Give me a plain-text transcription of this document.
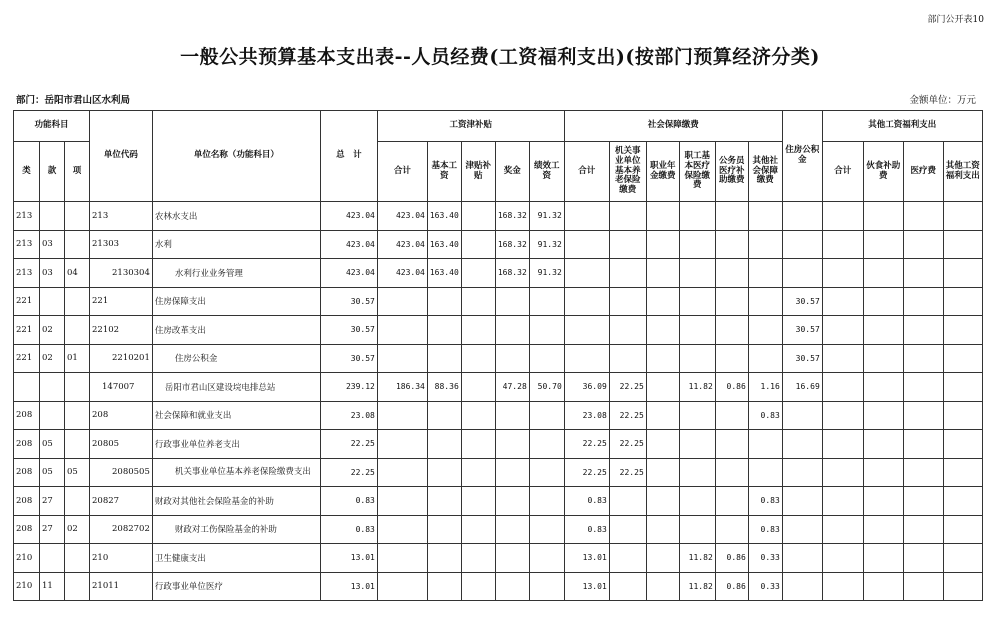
部门公开表10
一般公共预算基本支出表--人员经费(工资福利支出)(按部门预算经济分类)
部门：岳阳市君山区水利局	金额单位：万元
功能科目			单位代码	单位名称（功能科目）	总　计	工资津补贴					社会保障缴费						住房公积金	其他工资福利支出			
类	款	项				合计	基本工资	津贴补贴	奖金	绩效工资	合计	机关事业单位基本养老保险缴费	职业年金缴费	职工基本医疗保险缴费	公务员医疗补助缴费	其他社会保障缴费		合计	伙食补助费	医疗费	其他工资福利支出
213			213	农林水支出	423.04	423.04	163.40		168.32	91.32											
213	03		21303	水利	423.04	423.04	163.40		168.32	91.32											
213	03	04	2130304	水利行业业务管理	423.04	423.04	163.40		168.32	91.32											
221			221	住房保障支出	30.57												30.57				
221	02		22102	住房改革支出	30.57												30.57				
221	02	01	2210201	住房公积金	30.57												30.57				
			147007	岳阳市君山区建设垸电排总站	239.12	186.34	88.36		47.28	50.70	36.09	22.25		11.82	0.86	1.16	16.69				
208			208	社会保障和就业支出	23.08						23.08	22.25				0.83					
208	05		20805	行政事业单位养老支出	22.25						22.25	22.25									
208	05	05	2080505	机关事业单位基本养老保险缴费支出	22.25						22.25	22.25									
208	27		20827	财政对其他社会保险基金的补助	0.83						0.83					0.83					
208	27	02	2082702	财政对工伤保险基金的补助	0.83						0.83					0.83					
210			210	卫生健康支出	13.01						13.01			11.82	0.86	0.33					
210	11		21011	行政事业单位医疗	13.01						13.01			11.82	0.86	0.33					
